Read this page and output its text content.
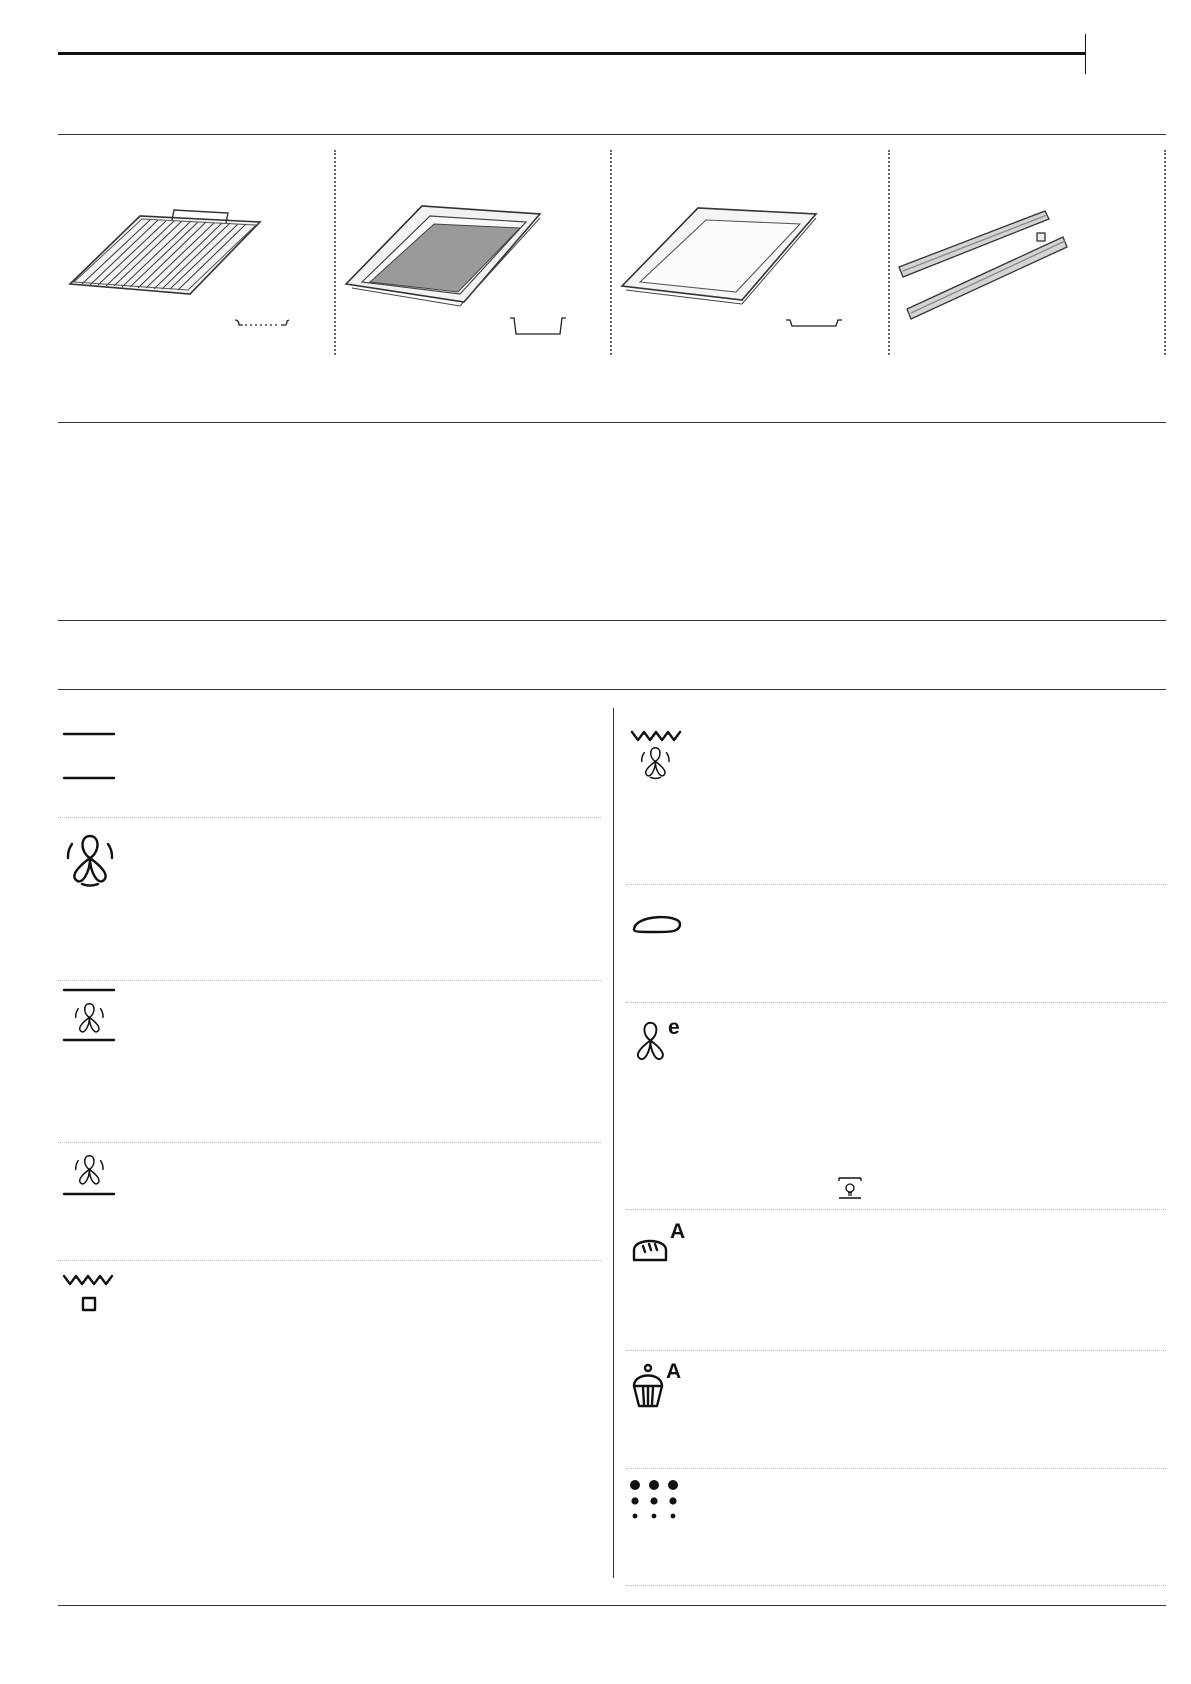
e
A
A
